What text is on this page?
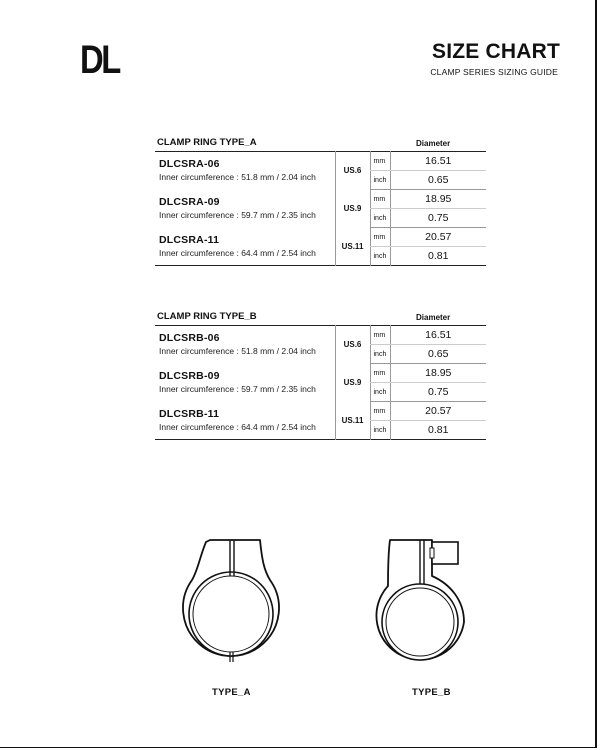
DL	SIZE CHART
CLAMP SERIES SIZING GUIDE
CLAMP RING TYPE_A	Diameter
DLCSRA-06
Inner circumference : 51.8 mm / 2.04 inch	US.6	mm	16.51
		inch	0.65

DLCSRA-09
Inner circumference : 59.7 mm / 2.35 inch	US.9	mm	18.95
		inch	0.75

DLCSRA-11
Inner circumference : 64.4 mm / 2.54 inch	US.11	mm	20.57
		inch	0.81
CLAMP RING TYPE_B	Diameter
DLCSRB-06
Inner circumference : 51.8 mm / 2.04 inch	US.6	mm	16.51
		inch	0.65

DLCSRB-09
Inner circumference : 59.7 mm / 2.35 inch	US.9	mm	18.95
		inch	0.75

DLCSRB-11
Inner circumference : 64.4 mm / 2.54 inch	US.11	mm	20.57
		inch	0.81
TYPE_A	TYPE_B
